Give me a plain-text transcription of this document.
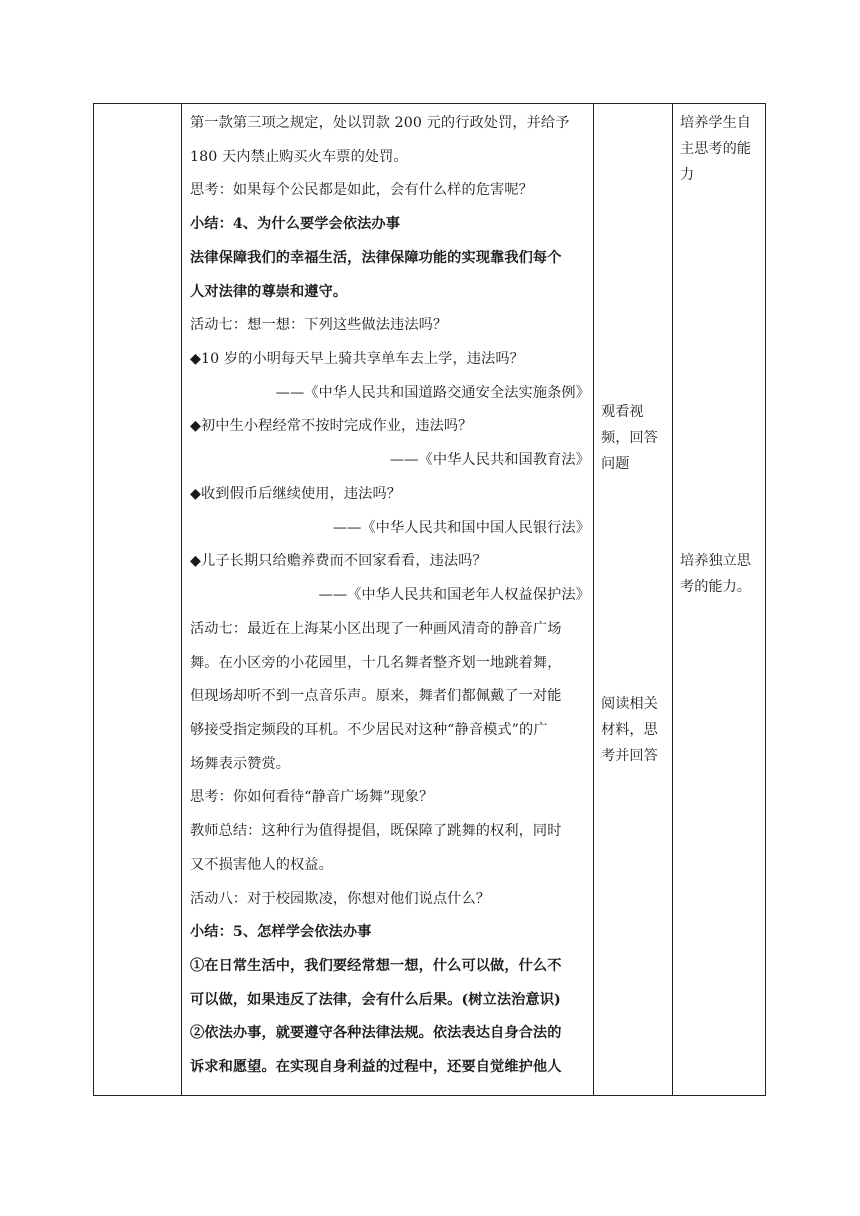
第一款第三项之规定，处以罚款 200 元的行政处罚，并给予
180 天内禁止购买火车票的处罚。
思考：如果每个公民都是如此，会有什么样的危害呢？
小结：4、为什么要学会依法办事
法律保障我们的幸福生活，法律保障功能的实现靠我们每个
人对法律的尊崇和遵守。
活动七：想一想：下列这些做法违法吗？
◆10 岁的小明每天早上骑共享单车去上学，违法吗？
——《中华人民共和国道路交通安全法实施条例》
◆初中生小程经常不按时完成作业，违法吗？
——《中华人民共和国教育法》
◆收到假币后继续使用，违法吗？
——《中华人民共和国中国人民银行法》
◆儿子长期只给赡养费而不回家看看，违法吗？
——《中华人民共和国老年人权益保护法》
活动七：最近在上海某小区出现了一种画风清奇的静音广场
舞。在小区旁的小花园里，十几名舞者整齐划一地跳着舞，
但现场却听不到一点音乐声。原来，舞者们都佩戴了一对能
够接受指定频段的耳机。不少居民对这种“静音模式”的广
场舞表示赞赏。
思考：你如何看待“静音广场舞”现象？
教师总结：这种行为值得提倡，既保障了跳舞的权利，同时
又不损害他人的权益。
活动八：对于校园欺凌，你想对他们说点什么？
小结：5、怎样学会依法办事
①在日常生活中，我们要经常想一想，什么可以做，什么不
可以做，如果违反了法律，会有什么后果。(树立法治意识)
②依法办事，就要遵守各种法律法规。依法表达自身合法的
诉求和愿望。在实现自身利益的过程中，还要自觉维护他人
观看视
频，回答
问题
阅读相关
材料，思
考并回答
培养学生自
主思考的能
力
培养独立思
考的能力。
